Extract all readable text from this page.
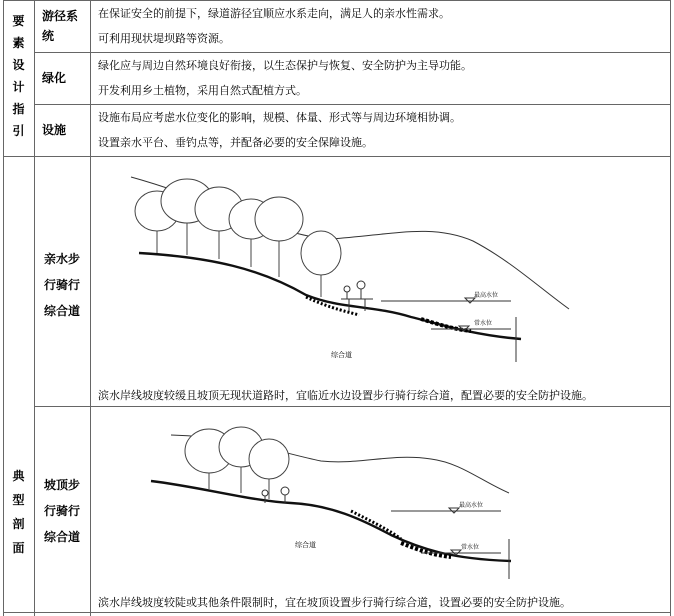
要
素
设
计
指
引
游径系
统
在保证安全的前提下，绿道游径宜顺应水系走向，满足人的亲水性需求。
可利用现状堤坝路等资源。
绿化
绿化应与周边自然环境良好衔接，以生态保护与恢复、安全防护为主导功能。
开发利用乡土植物，采用自然式配植方式。
设施
设施布局应考虑水位变化的影响，规模、体量、形式等与周边环境相协调。
设置亲水平台、垂钓点等，并配备必要的安全保障设施。
典
型
剖
面
亲水步
行骑行
综合道
最高水位
常水位
综合道
滨水岸线坡度较缓且坡顶无现状道路时，宜临近水边设置步行骑行综合道，配置必要的安全防护设施。
坡顶步
行骑行
综合道
最高水位
常水位
综合道
滨水岸线坡度较陡或其他条件限制时，宜在坡顶设置步行骑行综合道，设置必要的安全防护设施。
